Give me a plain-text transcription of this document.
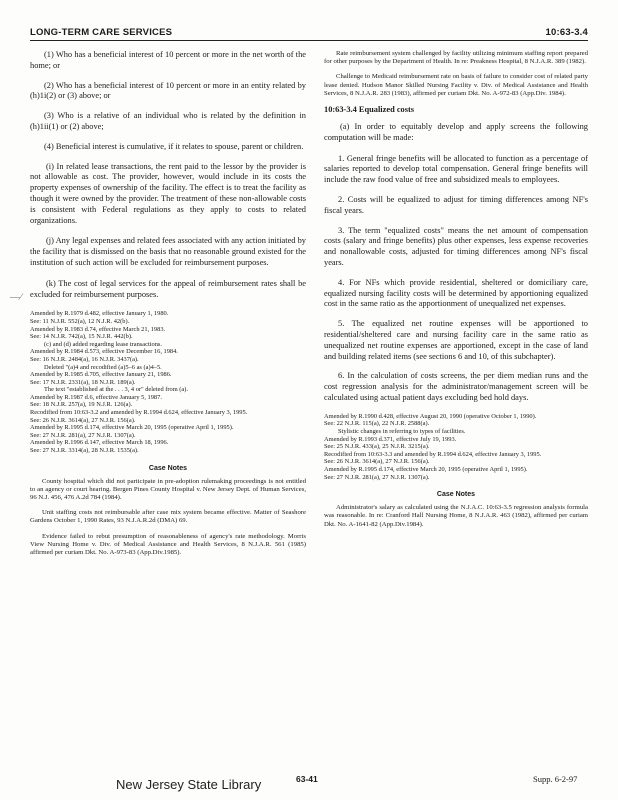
LONG-TERM CARE SERVICES	10:63-3.4
—∕

(1) Who has a beneficial interest of 10 percent or more in the net worth of the home; or

(2) Who has a beneficial interest of 10 percent or more in an entity related by (h)1i(2) or (3) above; or

(3) Who is a relative of an individual who is related by the definition in (h)1ii(1) or (2) above;

(4) Beneficial interest is cumulative, if it relates to spouse, parent or children.

(i) In related lease transactions, the rent paid to the lessor by the provider is not allowable as cost. The provider, however, would include in its costs the property expenses of ownership of the facility. The effect is to treat the facility as though it were owned by the provider. The treatment of these non-allowable costs is consistent with Federal regulations as they apply to costs to related organizations.

(j) Any legal expenses and related fees associated with any action initiated by the facility that is dismissed on the basis that no reasonable ground existed for the institution of such action will be excluded for reimbursement purposes.

(k) The cost of legal services for the appeal of reimbursement rates shall be excluded for reimbursement purposes.

Amended by R.1979 d.482, effective January 1, 1980.
See: 11 N.J.R. 552(a), 12 N.J.R. 42(b).
Amended by R.1983 d.74, effective March 21, 1983.
See: 14 N.J.R. 742(a), 15 N.J.R. 442(b).
(c) and (d) added regarding lease transactions.
Amended by R.1984 d.573, effective December 16, 1984.
See: 16 N.J.R. 2484(a), 16 N.J.R. 3437(a).
Deleted "(a)4 and recodified (a)5–6 as (a)4–5.
Amended by R.1985 d.705, effective January 21, 1986.
See: 17 N.J.R. 2331(a), 18 N.J.R. 189(a).
The text "established at the . . . 3, 4 or" deleted from (a).
Amended by R.1987 d.6, effective January 5, 1987.
See: 18 N.J.R. 257(a), 19 N.J.R. 126(a).
Recodified from 10:63-3.2 and amended by R.1994 d.624, effective January 3, 1995.
See: 26 N.J.R. 3614(a), 27 N.J.R. 156(a).
Amended by R.1995 d.174, effective March 20, 1995 (operative April 1, 1995).
See: 27 N.J.R. 281(a), 27 N.J.R. 1307(a).
Amended by R.1996 d.147, effective March 18, 1996.
See: 27 N.J.R. 3314(a), 28 N.J.R. 1535(a).
Case Notes

County hospital which did not participate in pre-adoption rulemaking proceedings is not entitled to an agency or court hearing. Bergen Pines County Hospital v. New Jersey Dept. of Human Services, 96 N.J. 456, 476 A.2d 784 (1984).

Unit staffing costs not reimbursable after case mix system became effective. Matter of Seashore Gardens October 1, 1990 Rates, 93 N.J.A.R.2d (DMA) 69.

Evidence failed to rebut presumption of reasonableness of agency's rate methodology. Morris View Nursing Home v. Div. of Medical Assistance and Health Services, 8 N.J.A.R. 561 (1985) affirmed per curiam Dkt. No. A-973-83 (App.Div.1985).

Rate reimbursement system challenged by facility utilizing minimum staffing report prepared for other purposes by the Department of Health. In re: Preakness Hospital, 8 N.J.A.R. 389 (1982).

Challenge to Medicaid reimbursement rate on basis of failure to consider cost of related party lease denied. Hudson Manor Skilled Nursing Facility v. Div. of Medical Assistance and Health Services, 8 N.J.A.R. 283 (1983), affirmed per curiam Dkt. No. A-972-83 (App.Div. 1984).

10:63-3.4 Equalized costs

(a) In order to equitably develop and apply screens the following computation will be made:

1. General fringe benefits will be allocated to function as a percentage of salaries reported to develop total compensation. General fringe benefits will include the raw food value of free and subsidized meals to employees.

2. Costs will be equalized to adjust for timing differences among NF's fiscal years.

3. The term "equalized costs" means the net amount of compensation costs (salary and fringe benefits) plus other expenses, less expense recoveries and nonallowable costs, adjusted for timing differences among NF's fiscal years.

4. For NFs which provide residential, sheltered or domiciliary care, equalized nursing facility costs will be determined by apportioning equalized cost in the same ratio as the apportionment of unequalized net expenses.

5. The equalized net routine expenses will be apportioned to residential/sheltered care and nursing facility care in the same ratio as unequalized net routine expenses are apportioned, except in the case of land and building related items (see sections 6 and 10, of this subchapter).

6. In the calculation of costs screens, the per diem median runs and the cost regression analysis for the administrator/management screen will be calculated using actual patient days excluding bed hold days.

Amended by R.1990 d.428, effective August 20, 1990 (operative October 1, 1990).
See: 22 N.J.R. 115(a), 22 N.J.R. 2588(a).
Stylistic changes in referring to types of facilities.
Amended by R.1993 d.371, effective July 19, 1993.
See: 25 N.J.R. 433(a), 25 N.J.R. 3215(a).
Recodified from 10:63-3.3 and amended by R.1994 d.624, effective January 3, 1995.
See: 26 N.J.R. 3614(a), 27 N.J.R. 156(a).
Amended by R.1995 d.174, effective March 20, 1995 (operative April 1, 1995).
See: 27 N.J.R. 281(a), 27 N.J.R. 1307(a).
Case Notes

Administrator's salary as calculated using the N.J.A.C. 10:63-3.5 regression analysis formula was reasonable. In re: Cranford Hall Nursing Home, 8 N.J.A.R. 463 (1982), affirmed per curiam Dkt. No. A-1641-82 (App.Div.1984).

New Jersey State Library	63-41	Supp. 6-2-97
